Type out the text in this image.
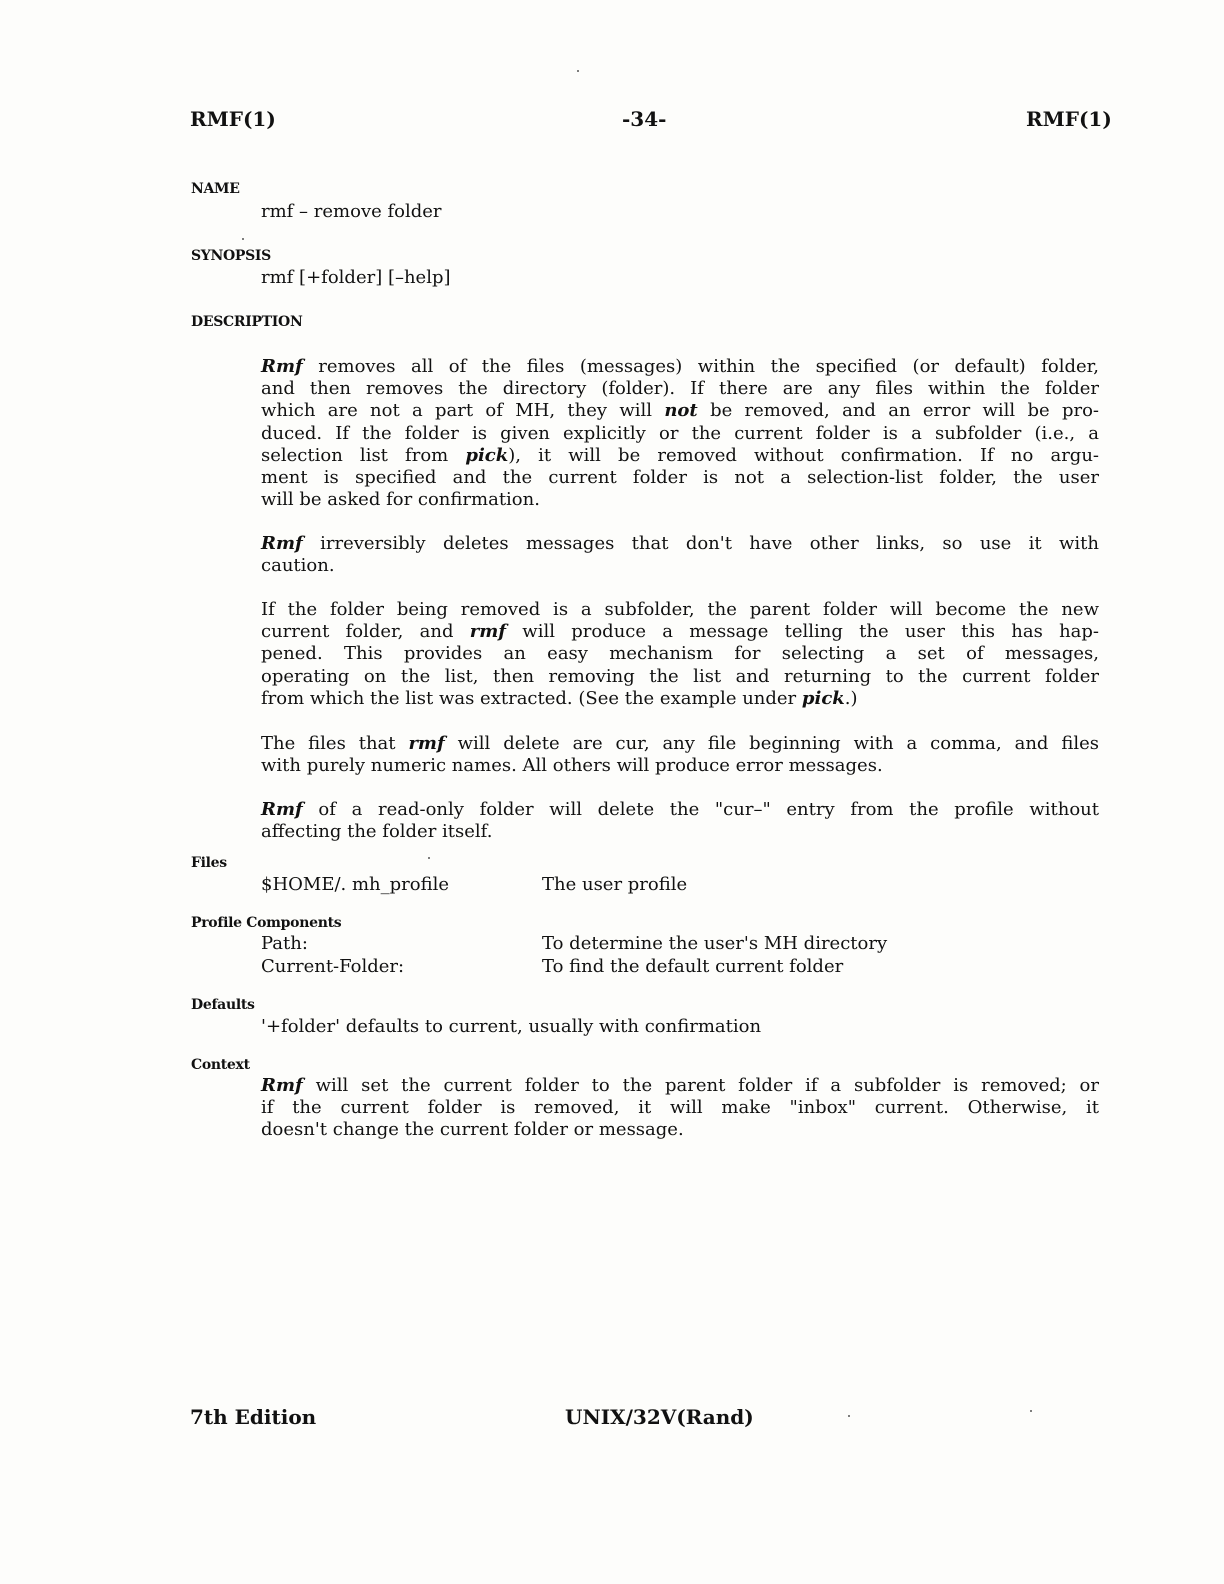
RMF(1)	-34-	RMF(1)
NAME
rmf – remove folder
SYNOPSIS
rmf [+folder] [–help]
DESCRIPTION
Rmf removes all of the files (messages) within the specified (or default) folder,
and then removes the directory (folder). If there are any files within the folder
which are not a part of MH, they will not be removed, and an error will be pro-
duced. If the folder is given explicitly or the current folder is a subfolder (i.e., a
selection list from pick), it will be removed without confirmation. If no argu-
ment is specified and the current folder is not a selection-list folder, the user
will be asked for confirmation.
Rmf irreversibly deletes messages that don't have other links, so use it with
caution.
If the folder being removed is a subfolder, the parent folder will become the new
current folder, and rmf will produce a message telling the user this has hap-
pened. This provides an easy mechanism for selecting a set of messages,
operating on the list, then removing the list and returning to the current folder
from which the list was extracted. (See the example under pick.)
The files that rmf will delete are cur, any file beginning with a comma, and files
with purely numeric names. All others will produce error messages.
Rmf of a read-only folder will delete the "cur–" entry from the profile without
affecting the folder itself.
Files
$HOME/. mh_profile	The user profile
Profile Components
Path:	To determine the user's MH directory
Current-Folder:	To find the default current folder
Defaults
'+folder' defaults to current, usually with confirmation
Context
Rmf will set the current folder to the parent folder if a subfolder is removed; or
if the current folder is removed, it will make "inbox" current. Otherwise, it
doesn't change the current folder or message.
7th Edition	UNIX/32V(Rand)
